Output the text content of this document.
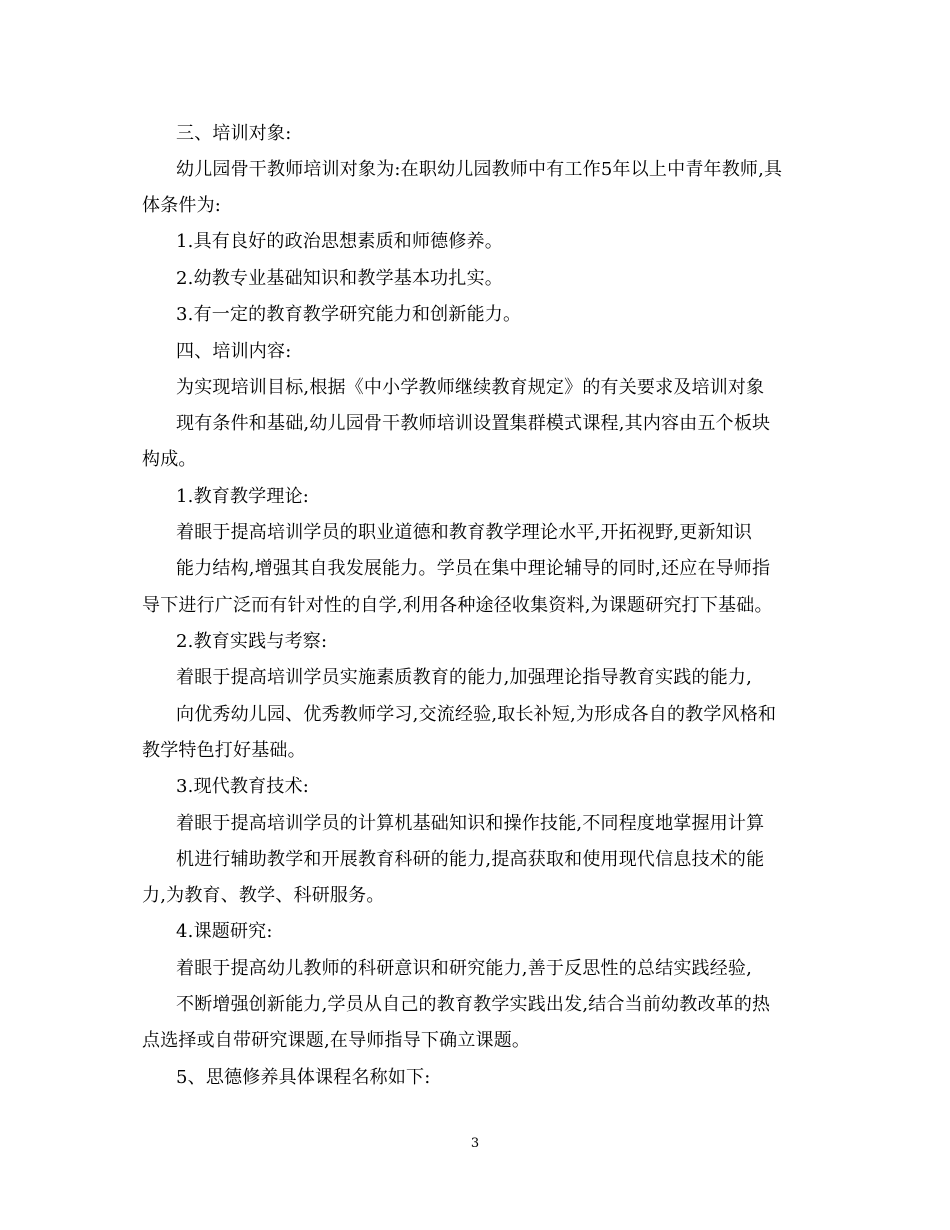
三、培训对象:
幼儿园骨干教师培训对象为:在职幼儿园教师中有工作5年以上中青年教师,具
体条件为:
1.具有良好的政治思想素质和师德修养。
2.幼教专业基础知识和教学基本功扎实。
3.有一定的教育教学研究能力和创新能力。
四、培训内容:
为实现培训目标,根据《中小学教师继续教育规定》的有关要求及培训对象
现有条件和基础,幼儿园骨干教师培训设置集群模式课程,其内容由五个板块
构成。
1.教育教学理论:
着眼于提高培训学员的职业道德和教育教学理论水平,开拓视野,更新知识
能力结构,增强其自我发展能力。学员在集中理论辅导的同时,还应在导师指
导下进行广泛而有针对性的自学,利用各种途径收集资料,为课题研究打下基础。
2.教育实践与考察:
着眼于提高培训学员实施素质教育的能力,加强理论指导教育实践的能力,
向优秀幼儿园、优秀教师学习,交流经验,取长补短,为形成各自的教学风格和
教学特色打好基础。
3.现代教育技术:
着眼于提高培训学员的计算机基础知识和操作技能,不同程度地掌握用计算
机进行辅助教学和开展教育科研的能力,提高获取和使用现代信息技术的能
力,为教育、教学、科研服务。
4.课题研究:
着眼于提高幼儿教师的科研意识和研究能力,善于反思性的总结实践经验,
不断增强创新能力,学员从自己的教育教学实践出发,结合当前幼教改革的热
点选择或自带研究课题,在导师指导下确立课题。
5、思德修养具体课程名称如下:
3
